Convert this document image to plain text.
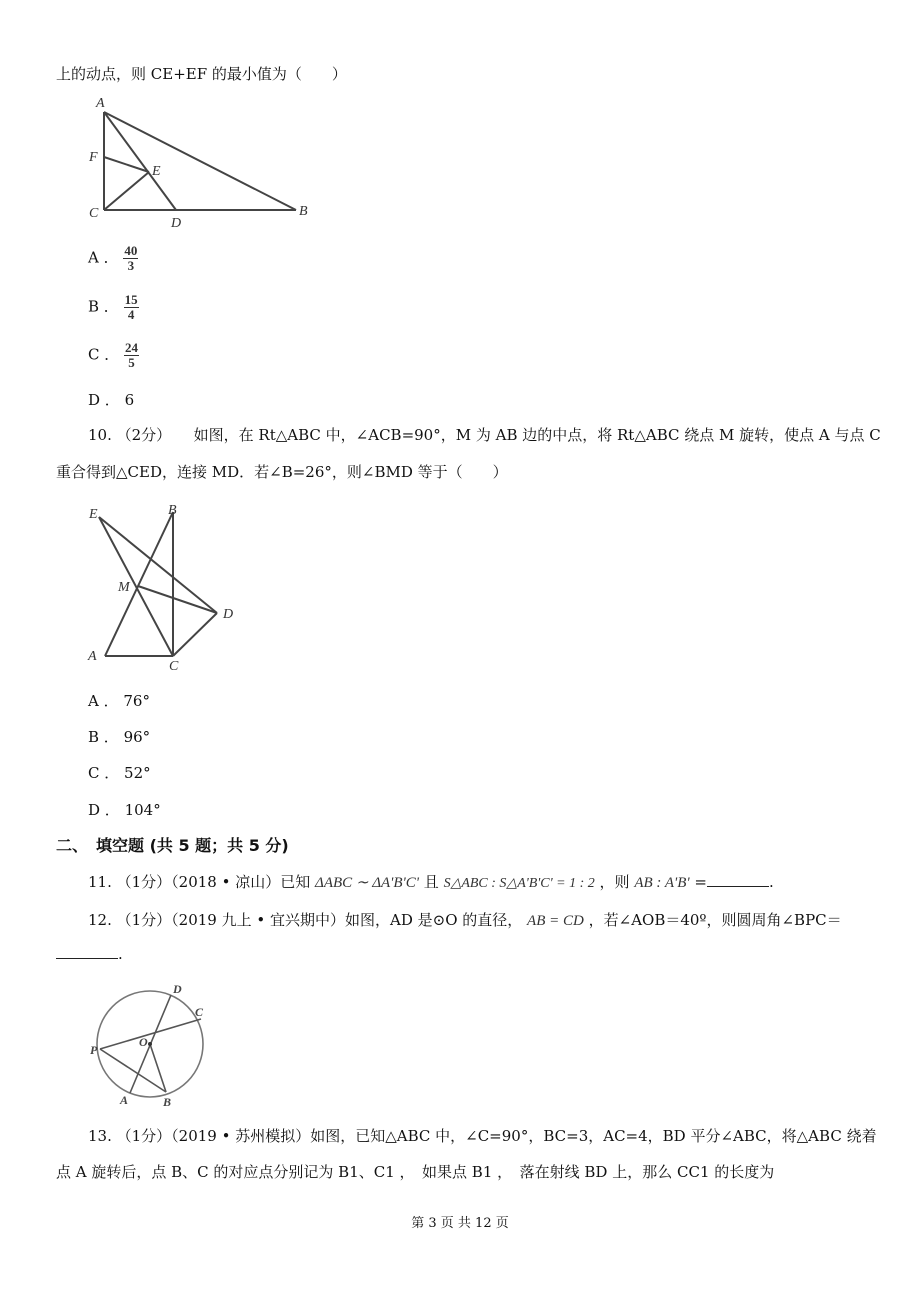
上的动点，则 CE+EF 的最小值为（　　）
A
F
E
C
D
B
A ． $\frac{40}{3}$
B ． $\frac{15}{4}$
C ． $\frac{24}{5}$
D ． 6
10. （2分）　　如图，在 Rt△ABC 中，∠ACB=90°，M 为 AB 边的中点，将 Rt△ABC 绕点 M 旋转，使点 A 与点 C
重合得到△CED，连接 MD．若∠B=26°，则∠BMD 等于（　　）
E	B
M
D
A
C
A ． 76°
B ． 96°
C ． 52°
D ． 104°
二、　填空题 (共 5 题；共 5 分)
11. （1分）（2018 • 凉山）已知 ΔABC ∼ ΔA'B'C' 且 S△ABC : S△A'B'C' = 1 : 2 ，则 AB : A'B' =	.
12. （1分）（2019 九上 • 宜兴期中）如图，AD 是⊙O 的直径， AB = CD ，若∠AOB＝40º，则圆周角∠BPC＝
.
D
C
P
O
A	B
13. （1分）（2019 • 苏州模拟）如图，已知△ABC 中，∠C=90°，BC=3，AC=4，BD 平分∠ABC，将△ABC 绕着
点 A 旋转后，点 B、C 的对应点分别记为 B1、C1 ，　如果点 B1 ，　落在射线 BD 上，那么 CC1 的长度为
第 3 页 共 12 页
